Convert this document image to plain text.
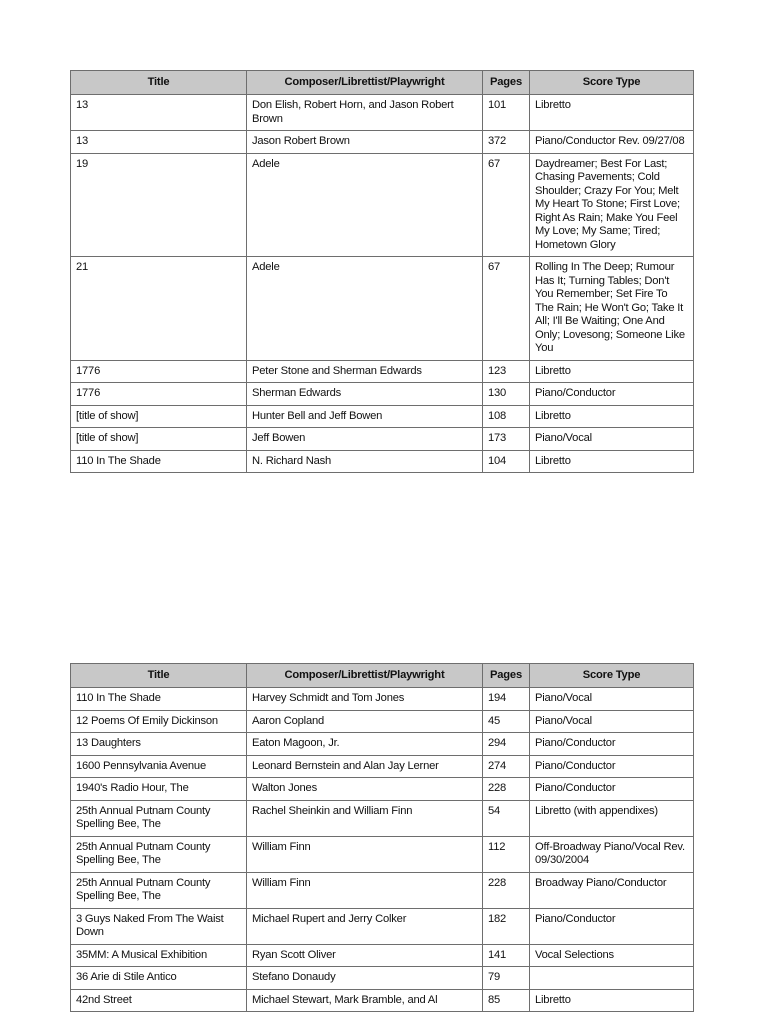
Title	Composer/Librettist/Playwright	Pages	Score Type
13	Don Elish, Robert Horn, and Jason Robert Brown	101	Libretto
13	Jason Robert Brown	372	Piano/Conductor Rev. 09/27/08
19	Adele	67	Daydreamer; Best For Last; Chasing Pavements; Cold Shoulder; Crazy For You; Melt My Heart To Stone; First Love; Right As Rain; Make You Feel My Love; My Same; Tired; Hometown Glory
21	Adele	67	Rolling In The Deep; Rumour Has It; Turning Tables; Don't You Remember; Set Fire To The Rain; He Won't Go; Take It All; I'll Be Waiting; One And Only; Lovesong; Someone Like You
1776	Peter Stone and Sherman Edwards	123	Libretto
1776	Sherman Edwards	130	Piano/Conductor
[title of show]	Hunter Bell and Jeff Bowen	108	Libretto
[title of show]	Jeff Bowen	173	Piano/Vocal
110 In The Shade	N. Richard Nash	104	Libretto
Title	Composer/Librettist/Playwright	Pages	Score Type
110 In The Shade	Harvey Schmidt and Tom Jones	194	Piano/Vocal
12 Poems Of Emily Dickinson	Aaron Copland	45	Piano/Vocal
13 Daughters	Eaton Magoon, Jr.	294	Piano/Conductor
1600 Pennsylvania Avenue	Leonard Bernstein and Alan Jay Lerner	274	Piano/Conductor
1940's Radio Hour, The	Walton Jones	228	Piano/Conductor
25th Annual Putnam County Spelling Bee, The	Rachel Sheinkin and William Finn	54	Libretto (with appendixes)
25th Annual Putnam County Spelling Bee, The	William Finn	112	Off-Broadway Piano/Vocal Rev. 09/30/2004
25th Annual Putnam County Spelling Bee, The	William Finn	228	Broadway Piano/Conductor
3 Guys Naked From The Waist Down	Michael Rupert and Jerry Colker	182	Piano/Conductor
35MM: A Musical Exhibition	Ryan Scott Oliver	141	Vocal Selections
36 Arie di Stile Antico	Stefano Donaudy	79	
42nd Street	Michael Stewart, Mark Bramble, and Al	85	Libretto
